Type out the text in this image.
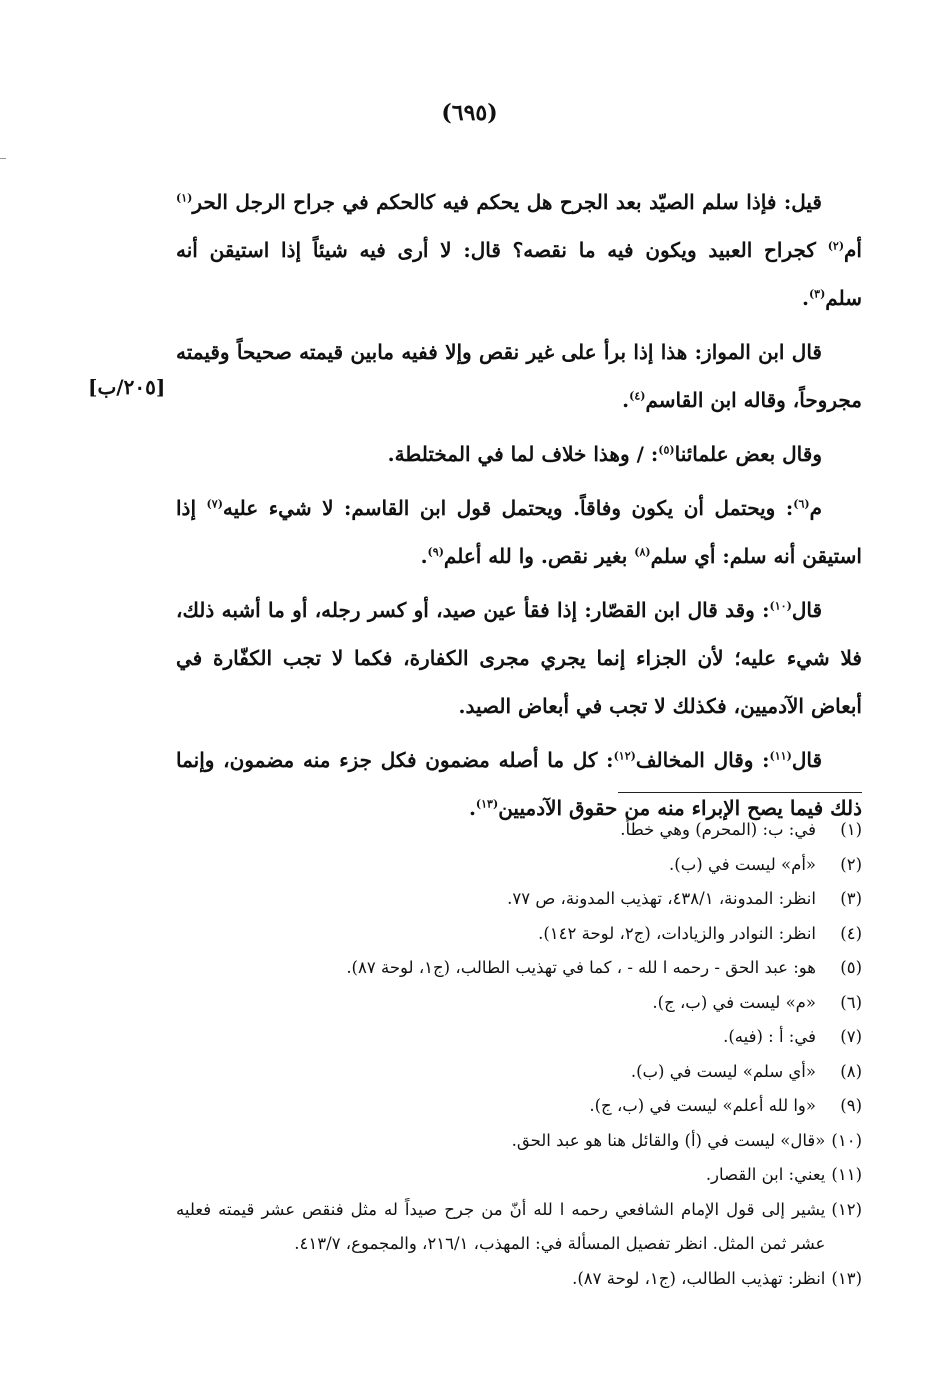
(٦٩٥)
[٢٠٥/ب]

قيل: فإذا سلم الصيّد بعد الجرح هل يحكم فيه كالحكم في جراح الرجل الحر$^{(١)}$ أم$^{(٢)}$ كجراح العبيد ويكون فيه ما نقصه؟ قال: لا أرى فيه شيئاً إذا استيقن أنه سلم$^{(٣)}$.

قال ابن المواز: هذا إذا برأ على غير نقص وإلا ففيه مابين قيمته صحيحاً وقيمته مجروحاً، وقاله ابن القاسم$^{(٤)}$.

وقال بعض علمائنا$^{(٥)}$: / وهذا خلاف لما في المختلطة.

م$^{(٦)}$: ويحتمل أن يكون وفاقاً. ويحتمل قول ابن القاسم: لا شيء عليه$^{(٧)}$ إذا استيقن أنه سلم: أي سلم$^{(٨)}$ بغير نقص. وا لله أعلم$^{(٩)}$.

قال$^{(١٠)}$: وقد قال ابن القصّار: إذا فقأ عين صيد، أو كسر رجله، أو ما أشبه ذلك، فلا شيء عليه؛ لأن الجزاء إنما يجري مجرى الكفارة، فكما لا تجب الكفّارة في أبعاض الآدميين، فكذلك لا تجب في أبعاض الصيد.

قال$^{(١١)}$: وقال المخالف$^{(١٢)}$: كل ما أصله مضمون فكل جزء منه مضمون، وإنما ذلك فيما يصح الإبراء منه من حقوق الآدميين$^{(١٣)}$.

(١)
في: ب: (المحرم) وهي خطأ.
(٢)
«أم» ليست في (ب).
(٣)
انظر: المدونة، ٤٣٨/١، تهذيب المدونة، ص ٧٧.
(٤)
انظر: النوادر والزيادات، (ج٢، لوحة ١٤٢).
(٥)
هو: عبد الحق - رحمه ا لله - ، كما في تهذيب الطالب، (ج١، لوحة ٨٧).
(٦)
«م» ليست في (ب، ج).
(٧)
في: أ : (فيه).
(٨)
«أي سلم» ليست في (ب).
(٩)
«وا لله أعلم» ليست في (ب، ج).
(١٠)
«قال» ليست في (أ) والقائل هنا هو عبد الحق.
(١١)
يعني: ابن القصار.
(١٢)
يشير إلى قول الإمام الشافعي رحمه ا لله أنّ من جرح صيداً له مثل فنقص عشر قيمته فعليه عشر ثمن المثل. انظر تفصيل المسألة في: المهذب، ٢١٦/١، والمجموع، ٤١٣/٧.
(١٣)
انظر: تهذيب الطالب، (ج١، لوحة ٨٧).
